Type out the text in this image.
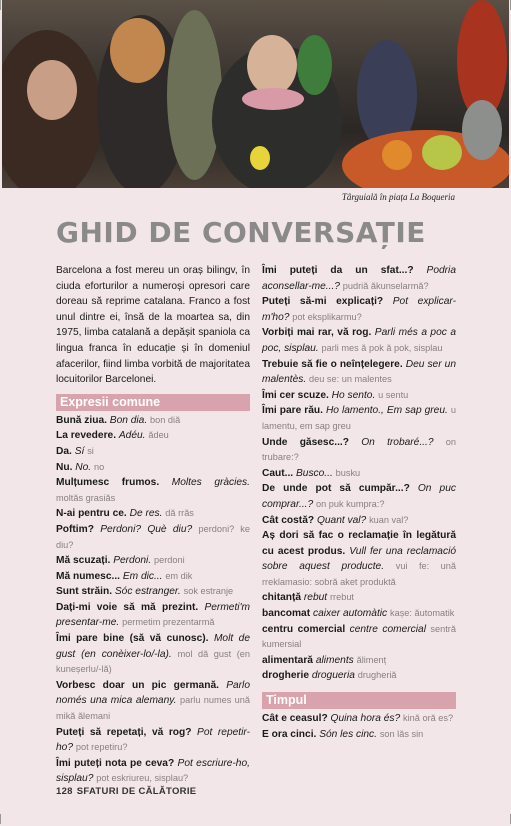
Târguială în piața La Boqueria
GHID DE CONVERSAȚIE

Barcelona a fost mereu un oraș bilingv, în ciuda eforturilor a numeroși opresori care doreau să reprime catalana. Franco a fost unul dintre ei, însă de la moartea sa, din 1975, limba catalană a depășit spaniola ca lingua franca în educație și în domeniul afacerilor, fiind limba vorbită de majoritatea locuitorilor Barcelonei.

Expresii comune

Bună ziua. Bon dia. bon diă

La revedere. Adéu. ădeu

Da. Sí si

Nu. No. no

Mulțumesc frumos. Moltes gràcies. moltăs grasiăs

N-ai pentru ce. De res. dă rrăs

Poftim? Perdoni? Què diu? perdoni? ke diu?

Mă scuzați. Perdoni. perdoni

Mă numesc... Em dic... em dik

Sunt străin. Sóc estranger. sok estranje

Dați-mi voie să mă prezint. Permeti'm presentar-me. permetim prezentarmă

Îmi pare bine (să vă cunosc). Molt de gust (en conèixer-lo/-la). mol dă gust (en kuneșerlu/-lă)

Vorbesc doar un pic germană. Parlo només una mica alemany. parlu numes ună mikă ălemani

Puteți să repetați, vă rog? Pot repetir-ho? pot repetiru?

Îmi puteți nota pe ceva? Pot escriure-ho, sisplau? pot eskriureu, sisplau?

Îmi puteți da un sfat...? Podria aconsellar-me...? pudriă ăkunselarmă?

Puteți să-mi explicați? Pot explicar-m'ho? pot eksplikarmu?

Vorbiți mai rar, vă rog. Parli més a poc a poc, sisplau. parli mes ă pok ă pok, sisplau

Trebuie să fie o neînțelegere. Deu ser un malentès. deu se: un malentes

Îmi cer scuze. Ho sento. u sentu

Îmi pare rău. Ho lamento., Em sap greu. u lamentu, em sap greu

Unde găsesc...? On trobaré...? on trubare:?

Caut... Busco... busku

De unde pot să cumpăr...? On puc comprar...? on puk kumpra:?

Cât costă? Quant val? kuan val?

Aș dori să fac o reclamație în legătură cu acest produs. Vull fer una reclamació sobre aquest producte. vui fe: ună rreklamasio: sobră aket produktă

chitanță rebut rrebut

bancomat caixer automàtic kașe: ăutomatik

centru comercial centre comercial sentră kumersial

alimentară aliments ălimenț

drogherie drogueria drugheriă

Timpul

Cât e ceasul? Quina hora és? kină oră es?

E ora cinci. Són les cinc. son lăs sin

128 SFATURI DE CĂLĂTORIE
